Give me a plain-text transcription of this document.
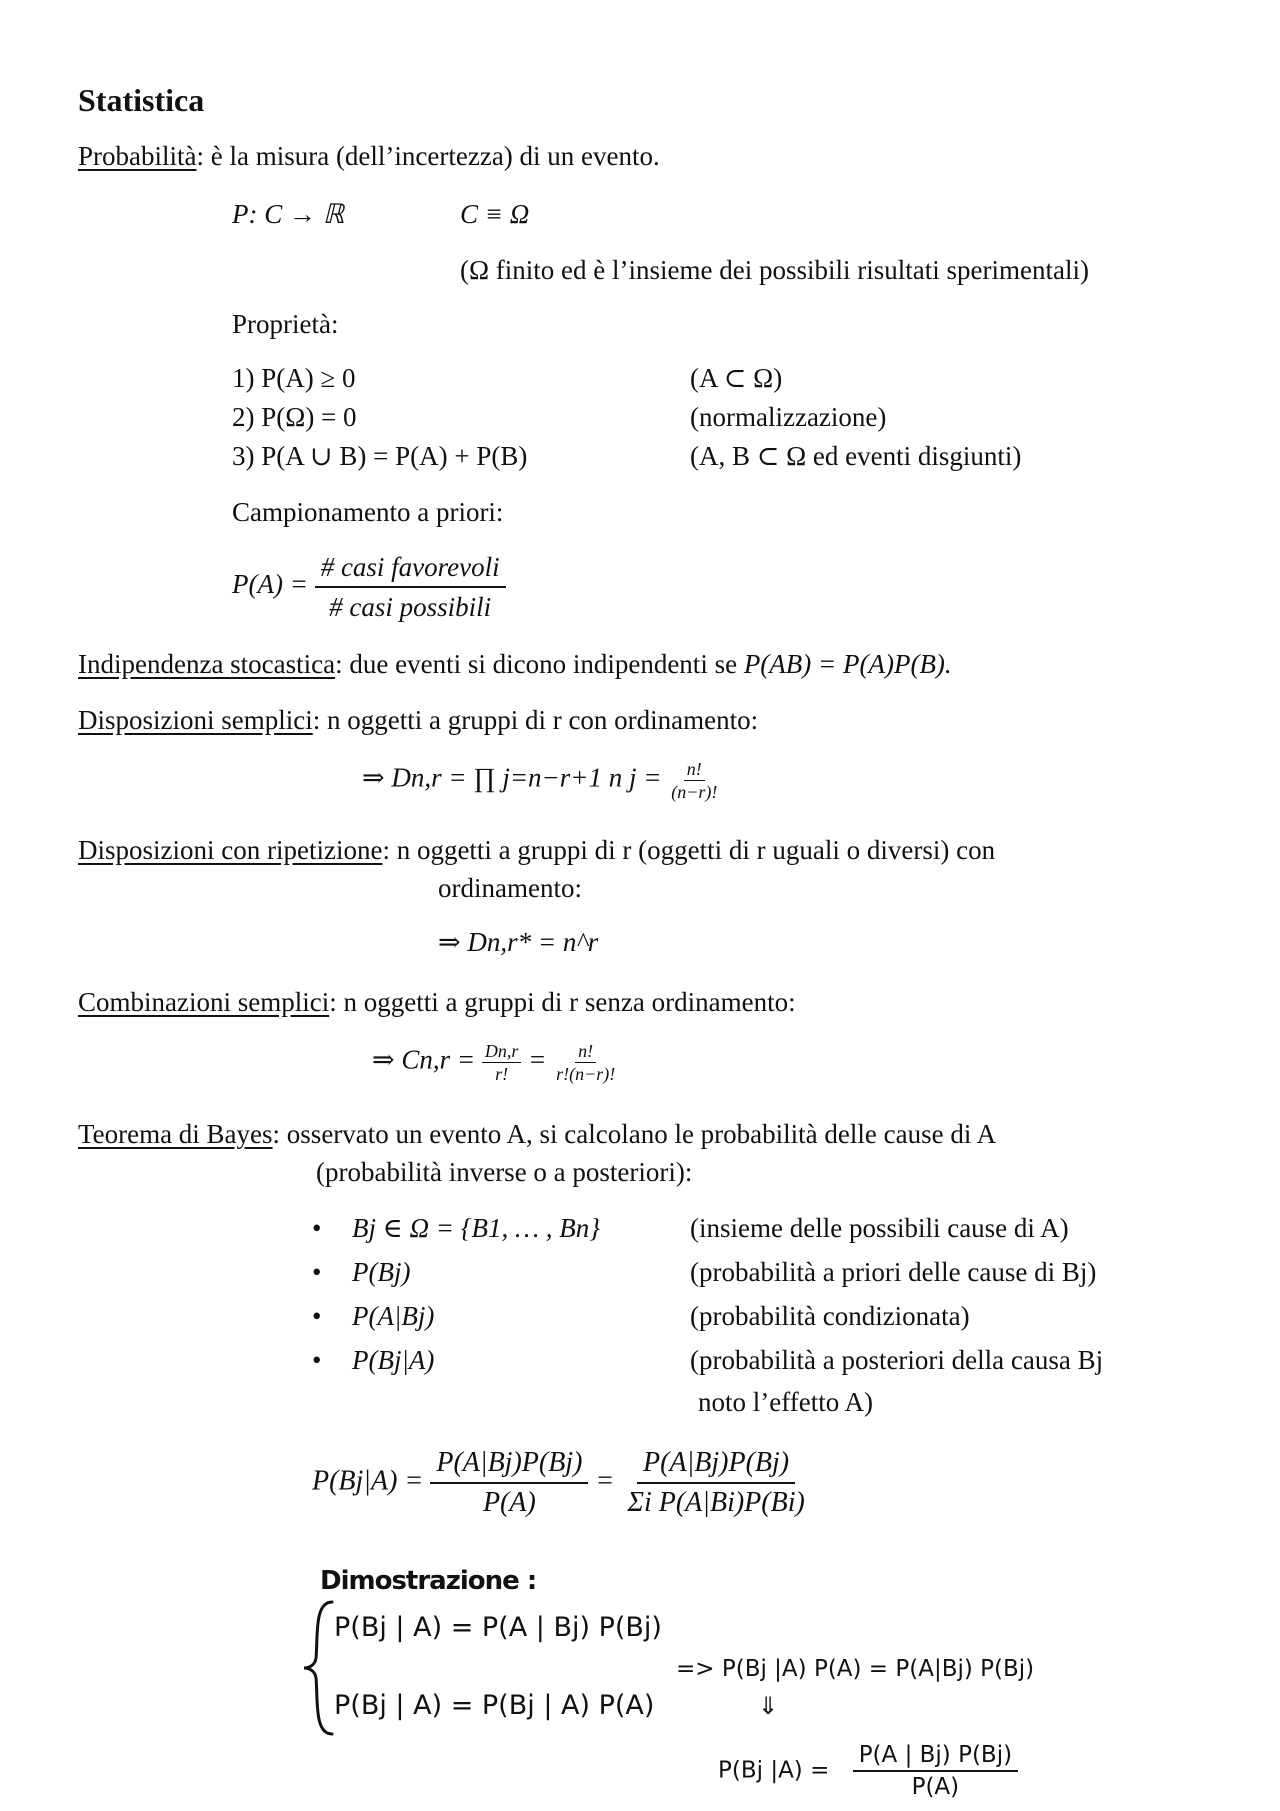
Statistica
Probabilità: è la misura (dell’incertezza) di un evento.
P: C → ℝ	C ≡ Ω
(Ω finito ed è l’insieme dei possibili risultati sperimentali)
Proprietà:
1) P(A) ≥ 0	(A ⊂ Ω)
2) P(Ω) = 0	(normalizzazione)
3) P(A ∪ B) = P(A) + P(B)	(A, B ⊂ Ω ed eventi disgiunti)
Campionamento a priori:
$P(A) = \frac{\text{\# casi favorevoli}}{\text{\# casi possibili}}$
Indipendenza stocastica: due eventi si dicono indipendenti se P(AB) = P(A)P(B).
Disposizioni semplici: n oggetti a gruppi di r con ordinamento:
⇒ Dn,r = ∏ j=n−r+1 n $j = \frac{n!}{(n-r)!}$
Disposizioni con ripetizione: n oggetti a gruppi di r (oggetti di r uguali o diversi) con
ordinamento:
⇒ Dn,r* = n^r
Combinazioni semplici: n oggetti a gruppi di r senza ordinamento:
⇒ $Cn,r = \frac{Dn,r}{r!} = \frac{n!}{r!(n-r)!}$
Teorema di Bayes: osservato un evento A, si calcolano le probabilità delle cause di A
(probabilità inverse o a posteriori):
• Bj ∈ Ω = {B1, … , Bn}	(insieme delle possibili cause di A)
• P(Bj)	(probabilità a priori delle cause di Bj)
• P(A|Bj)	(probabilità condizionata)
• P(Bj|A)	(probabilità a posteriori della causa Bj
noto l’effetto A)
$P(Bj|A) = \frac{P(A|Bj)P(Bj)}{P(A)} = \frac{P(A|Bj)P(Bj)}{\text{Σi P(A|Bi)P(Bi)}}$
Dimostrazione :
P(Bj | A) = P(A | Bj) P(Bj)
P(Bj | A) = P(Bj | A) P(A)
=> P(Bj |A) P(A) = P(A|Bj) P(Bj)
⇓
P(Bj $|A) = \frac{P(A | Bj) P(Bj)}{P(A)}$
